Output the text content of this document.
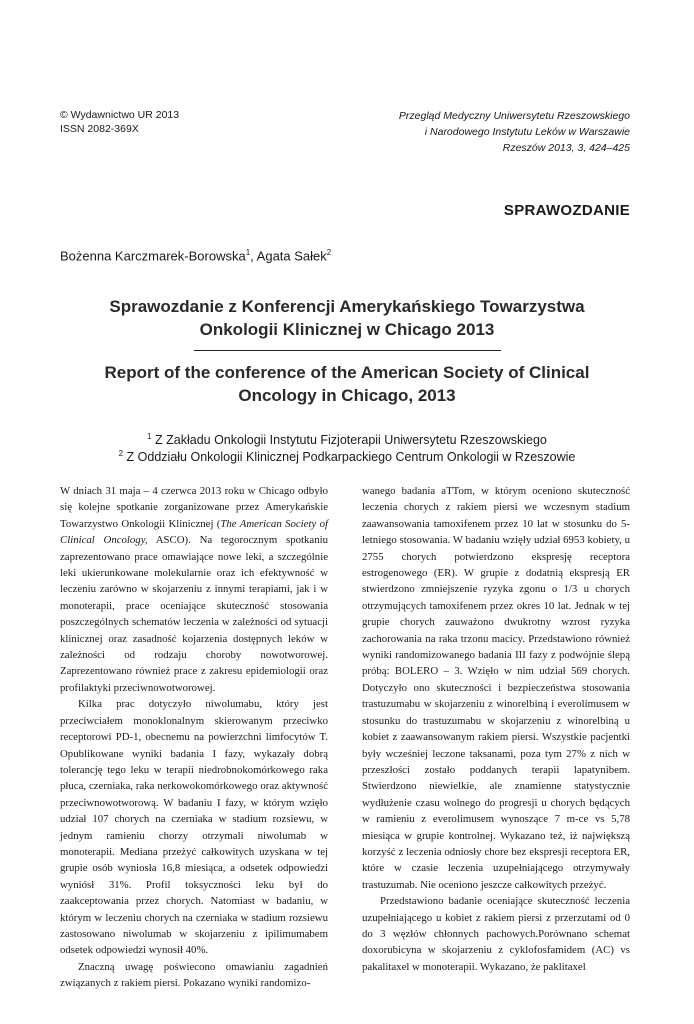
© Wydawnictwo UR 2013
ISSN 2082-369X
Przegląd Medyczny Uniwersytetu Rzeszowskiego
i Narodowego Instytutu Leków w Warszawie
Rzeszów 2013, 3, 424–425
SPRAWOZDANIE
Bożenna Karczmarek-Borowska$^1$, Agata Sałek$^2$
Sprawozdanie z Konferencji Amerykańskiego Towarzystwa
Onkologii Klinicznej w Chicago 2013
Report of the conference of the American Society of Clinical
Oncology in Chicago, 2013
$^1$ Z Zakładu Onkologii Instytutu Fizjoterapii Uniwersytetu Rzeszowskiego
$^2$ Z Oddziału Onkologii Klinicznej Podkarpackiego Centrum Onkologii w Rzeszowie

W dniach 31 maja – 4 czerwca 2013 roku w Chicago odbyło się kolejne spotkanie zorganizowane przez Amerykańskie Towarzystwo Onkologii Klinicznej (The American Society of Clinical Oncology, ASCO). Na tegorocznym spotkaniu zaprezentowano prace omawiające nowe leki, a szczególnie leki ukierunkowane molekularnie oraz ich efektywność w leczeniu zarówno w skojarzeniu z innymi terapiami, jak i w monoterapii, prace oceniające skuteczność stosowania poszczególnych schematów leczenia w zależności od sytuacji klinicznej oraz zasadność kojarzenia dostępnych leków w zależności od rodzaju choroby nowotworowej. Zaprezentowano również prace z zakresu epidemiologii oraz profilaktyki przeciwnowotworowej.

Kilka prac dotyczyło niwolumabu, który jest przeciwciałem monoklonalnym skierowanym przeciwko receptorowi PD-1, obecnemu na powierzchni limfocytów T. Opublikowane wyniki badania I fazy, wykazały dobrą tolerancję tego leku w terapii niedrobnokomórkowego raka płuca, czerniaka, raka nerkowokomórkowego oraz aktywność przeciwnowotworową. W badaniu I fazy, w którym wzięło udział 107 chorych na czerniaka w stadium rozsiewu, w jednym ramieniu chorzy otrzymali niwolumab w monoterapii. Mediana przeżyć całkowitych uzyskana w tej grupie osób wyniosła 16,8 miesiąca, a odsetek odpowiedzi wyniósł 31%. Profil toksyczności leku był do zaakceptowania przez chorych. Natomiast w badaniu, w którym w leczeniu chorych na czerniaka w stadium rozsiewu zastosowano niwolumab w skojarzeniu z ipilimumabem odsetek odpowiedzi wynosił 40%.

Znaczną uwagę poświecono omawianiu zagadnień związanych z rakiem piersi. Pokazano wyniki randomizo-

wanego badania aTTom, w którym oceniono skuteczność leczenia chorych z rakiem piersi we wczesnym stadium zaawansowania tamoxifenem przez 10 lat w stosunku do 5-letniego stosowania. W badaniu wzięły udział 6953 kobiety, u 2755 chorych potwierdzono ekspresję receptora estrogenowego (ER). W grupie z dodatnią ekspresją ER stwierdzono zmniejszenie ryzyka zgonu o 1/3 u chorych otrzymujących tamoxifenem przez okres 10 lat. Jednak w tej grupie chorych zauważono dwukrotny wzrost ryzyka zachorowania na raka trzonu macicy. Przedstawiono również wyniki randomizowanego badania III fazy z podwójnie ślepą próbą: BOLERO – 3. Wzięło w nim udział 569 chorych. Dotyczyło ono skuteczności i bezpieczeństwa stosowania trastuzumabu w skojarzeniu z winorelbiną i everolimusem w stosunku do trastuzumabu w skojarzeniu z winorelbiną u kobiet z zaawansowanym rakiem piersi. Wszystkie pacjentki były wcześniej leczone taksanami, poza tym 27% z nich w przeszłości zostało poddanych terapii lapatynibem. Stwierdzono niewielkie, ale znamienne statystycznie wydłużenie czasu wolnego do progresji u chorych będących w ramieniu z everolimusem wynoszące 7 m-ce vs 5,78 miesiąca w grupie kontrolnej. Wykazano też, iż największą korzyść z leczenia odniosły chore bez ekspresji receptora ER, które w czasie leczenia uzupełniającego otrzymywały trastuzumab. Nie oceniono jeszcze całkowitych przeżyć.

Przedstawiono badanie oceniające skuteczność leczenia uzupełniającego u kobiet z rakiem piersi z przerzutami od 0 do 3 węzłów chłonnych pachowych.Porównano schemat doxorubicyna w skojarzeniu z cyklofosfamidem (AC) vs pakalitaxel w monoterapii. Wykazano, że paklitaxel
